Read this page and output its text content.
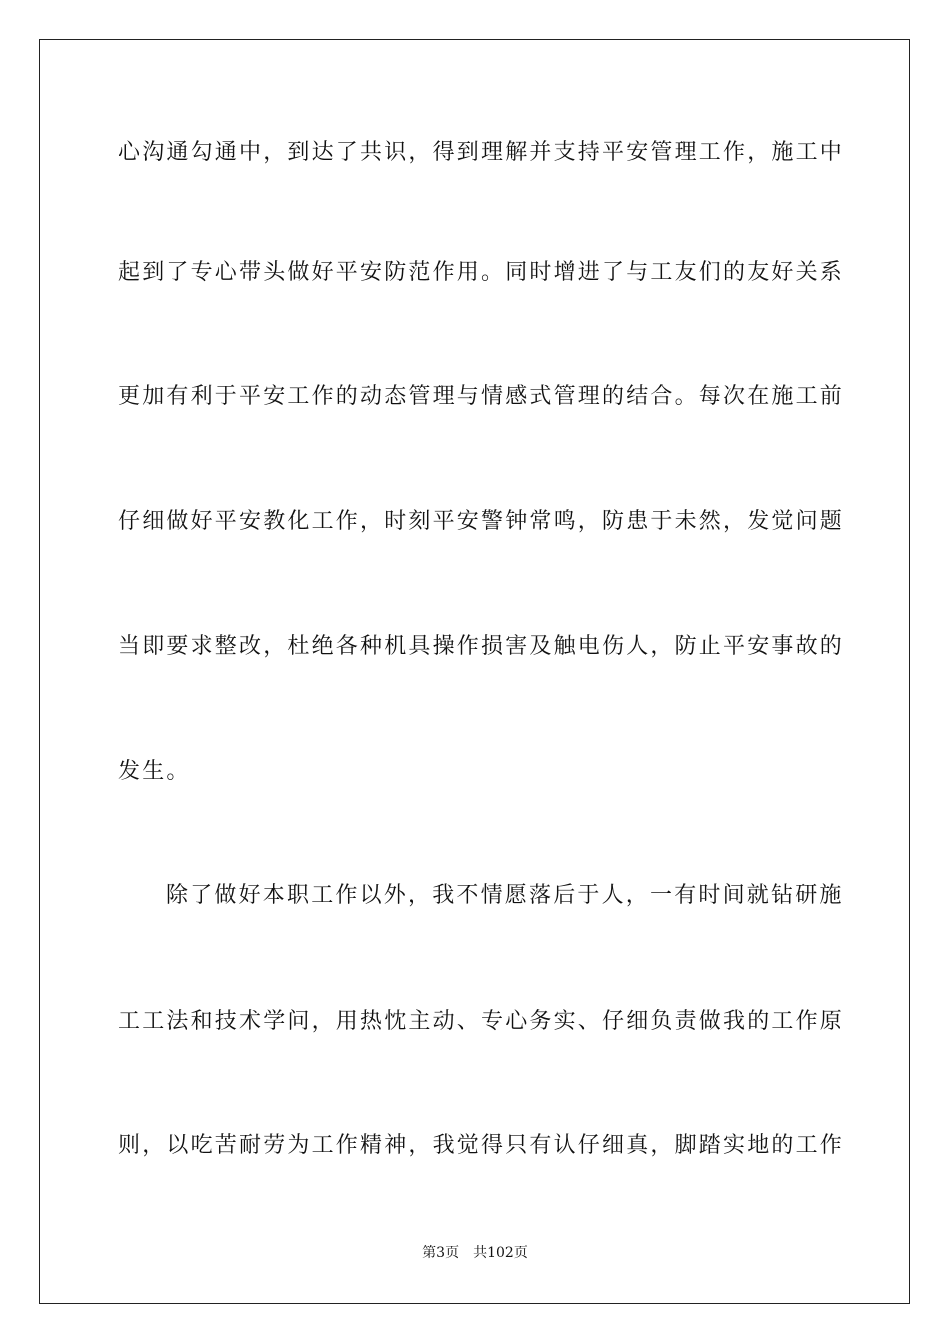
心沟通勾通中，到达了共识，得到理解并支持平安管理工作，施工中
起到了专心带头做好平安防范作用。同时增进了与工友们的友好关系
更加有利于平安工作的动态管理与情感式管理的结合。每次在施工前
仔细做好平安教化工作，时刻平安警钟常鸣，防患于未然，发觉问题
当即要求整改，杜绝各种机具操作损害及触电伤人，防止平安事故的
发生。
除了做好本职工作以外，我不情愿落后于人，一有时间就钻研施
工工法和技术学问，用热忱主动、专心务实、仔细负责做我的工作原
则，以吃苦耐劳为工作精神，我觉得只有认仔细真，脚踏实地的工作
第3页 共102页
